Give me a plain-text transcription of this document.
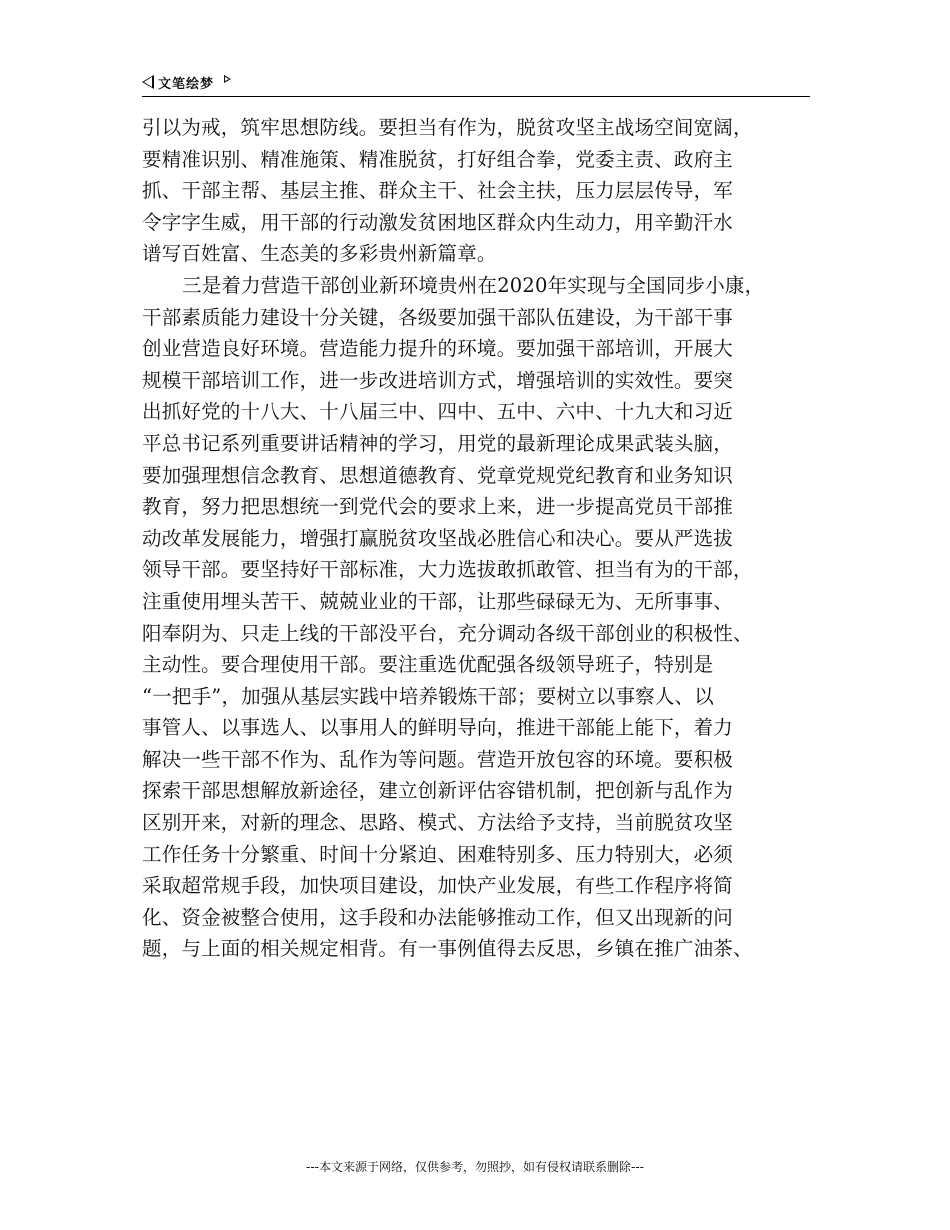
文笔绘梦
引以为戒，筑牢思想防线。要担当有作为，脱贫攻坚主战场空间宽阔，
要精准识别、精准施策、精准脱贫，打好组合拳，党委主责、政府主
抓、干部主帮、基层主推、群众主干、社会主扶，压力层层传导，军
令字字生威，用干部的行动激发贫困地区群众内生动力，用辛勤汗水
谱写百姓富、生态美的多彩贵州新篇章。
三是着力营造干部创业新环境贵州在2020年实现与全国同步小康，
干部素质能力建设十分关键，各级要加强干部队伍建设，为干部干事
创业营造良好环境。营造能力提升的环境。要加强干部培训，开展大
规模干部培训工作，进一步改进培训方式，增强培训的实效性。要突
出抓好党的十八大、十八届三中、四中、五中、六中、十九大和习近
平总书记系列重要讲话精神的学习，用党的最新理论成果武装头脑，
要加强理想信念教育、思想道德教育、党章党规党纪教育和业务知识
教育，努力把思想统一到党代会的要求上来，进一步提高党员干部推
动改革发展能力，增强打赢脱贫攻坚战必胜信心和决心。要从严选拔
领导干部。要坚持好干部标准，大力选拔敢抓敢管、担当有为的干部，
注重使用埋头苦干、兢兢业业的干部，让那些碌碌无为、无所事事、
阳奉阴为、只走上线的干部没平台，充分调动各级干部创业的积极性、
主动性。要合理使用干部。要注重选优配强各级领导班子，特别是
“一把手”，加强从基层实践中培养锻炼干部；要树立以事察人、以
事管人、以事选人、以事用人的鲜明导向，推进干部能上能下，着力
解决一些干部不作为、乱作为等问题。营造开放包容的环境。要积极
探索干部思想解放新途径，建立创新评估容错机制，把创新与乱作为
区别开来，对新的理念、思路、模式、方法给予支持，当前脱贫攻坚
工作任务十分繁重、时间十分紧迫、困难特别多、压力特别大，必须
采取超常规手段，加快项目建设，加快产业发展，有些工作程序将简
化、资金被整合使用，这手段和办法能够推动工作，但又出现新的问
题，与上面的相关规定相背。有一事例值得去反思，乡镇在推广油茶、
---本文来源于网络，仅供参考，勿照抄，如有侵权请联系删除---
